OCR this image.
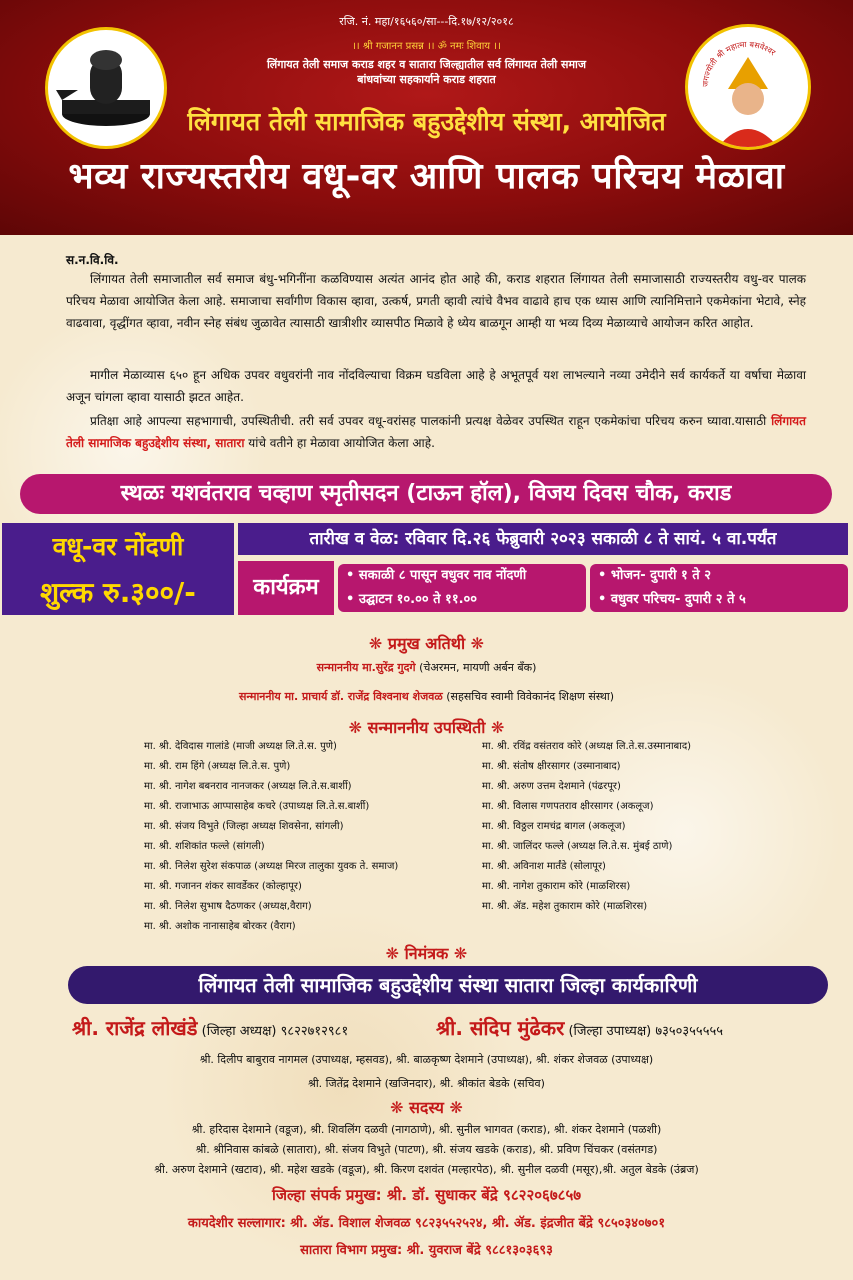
रजि. नं. महा/१६५६०/सा---दि.१७/१२/२०१८
।। श्री गजानन प्रसन्न ।। ॐ नमः शिवाय ।।
लिंगायत तेली समाज कराड शहर व सातारा जिल्ह्यातील सर्व लिंगायत तेली समाज
बांधवांच्या सहकार्याने कराड शहरात	जगज्योती श्री महात्मा बसवेश्वर
लिंगायत तेली सामाजिक बहुउद्देशीय संस्था, आयोजित
भव्य राज्यस्तरीय वधू-वर आणि पालक परिचय मेळावा
स.न.वि.वि.
लिंगायत तेली समाजातील सर्व समाज बंधु-भगिनींना कळविण्यास अत्यंत आनंद होत आहे की, कराड शहरात लिंगायत तेली समाजासाठी राज्यस्तरीय वधु-वर पालक परिचय मेळावा आयोजित केला आहे. समाजाचा सर्वांगीण विकास व्हावा, उत्कर्ष, प्रगती व्हावी त्यांचे वैभव वाढावे हाच एक ध्यास आणि त्यानिमित्ताने एकमेकांना भेटावे, स्नेह वाढवावा, वृद्धींगत व्हावा, नवीन स्नेह संबंध जुळावेत त्यासाठी खात्रीशीर व्यासपीठ मिळावे हे ध्येय बाळगून आम्ही या भव्य दिव्य मेळाव्याचे आयोजन करित आहोत.
मागील मेळाव्यास ६५० हून अधिक उपवर वधुवरांनी नाव नोंदविल्याचा विक्रम घडविला आहे हे अभूतपूर्व यश लाभल्याने नव्या उमेदीने सर्व कार्यकर्ते या वर्षाचा मेळावा अजून चांगला व्हावा यासाठी झटत आहेत.
प्रतिक्षा आहे आपल्या सहभागाची, उपस्थितीची. तरी सर्व उपवर वधू-वरांसह पालकांनी प्रत्यक्ष वेळेवर उपस्थित राहून एकमेकांचा परिचय करुन घ्यावा.यासाठी लिंगायत तेली सामाजिक बहुउद्देशीय संस्था, सातारा यांचे वतीने हा मेळावा आयोजित केला आहे.
स्थळः यशवंतराव चव्हाण स्मृतीसदन (टाऊन हॉल), विजय दिवस चौक, कराड
वधू-वर नोंदणी
शुल्क रु.३००/-
तारीख व वेळ: रविवार दि.२६ फेब्रुवारी २०२३ सकाळी ८ ते सायं. ५ वा.पर्यंत
कार्यक्रम	• सकाळी ८ पासून वधुवर नाव नोंदणी
• उद्घाटन १०.०० ते ११.००
• भोजन- दुपारी १ ते २
• वधुवर परिचय- दुपारी २ ते ५
❋ प्रमुख अतिथी ❋
सन्माननीय मा.सुरेंद्र गुदगे (चेअरमन, मायणी अर्बन बँक)
सन्माननीय मा. प्राचार्य डॉ. राजेंद्र विश्वनाथ शेजवळ (सहसचिव स्वामी विवेकानंद शिक्षण संस्था)
❋ सन्माननीय उपस्थिती ❋
मा. श्री. देविदास गालांडे (माजी अध्यक्ष लि.ते.स. पुणे)
मा. श्री. राम हिंगे (अध्यक्ष लि.ते.स. पुणे)
मा. श्री. नागेश बबनराव नानजकर (अध्यक्ष लि.ते.स.बार्शी)
मा. श्री. राजाभाऊ आप्पासाहेब कचरे (उपाध्यक्ष लि.ते.स.बार्शी)
मा. श्री. संजय विभुते (जिल्हा अध्यक्ष शिवसेना, सांगली)
मा. श्री. शशिकांत फल्ले (सांगली)
मा. श्री. निलेश सुरेश संकपाळ (अध्यक्ष मिरज तालुका युवक ते. समाज)
मा. श्री. गजानन शंकर सावर्डेकर (कोल्हापूर)
मा. श्री. निलेश सुभाष दैठणकर (अध्यक्ष,वैराग)
मा. श्री. अशोक नानासाहेब बोरकर (वैराग)
मा. श्री. रविंद्र वसंतराव कोरे (अध्यक्ष लि.ते.स.उस्मानाबाद)
मा. श्री. संतोष क्षीरसागर (उस्मानाबाद)
मा. श्री. अरुण उत्तम देशमाने (पंढरपूर)
मा. श्री. विलास गणपतराव क्षीरसागर (अकलूज)
मा. श्री. विठ्ठल रामचंद्र बागल (अकलूज)
मा. श्री. जालिंदर फल्ले (अध्यक्ष लि.ते.स. मुंबई ठाणे)
मा. श्री. अविनाश मार्तंडे (सोलापूर)
मा. श्री. नागेश तुकाराम कोरे (माळशिरस)
मा. श्री. ॲड. महेश तुकाराम कोरे (माळशिरस)
❋ निमंत्रक ❋
लिंगायत तेली सामाजिक बहुउद्देशीय संस्था सातारा जिल्हा कार्यकारिणी
श्री. राजेंद्र लोखंडे (जिल्हा अध्यक्ष) ९८२२७१२९८१	श्री. संदिप मुंढेकर (जिल्हा उपाध्यक्ष) ७३५०३५५५५५
श्री. दिलीप बाबुराव नागमल (उपाध्यक्ष, म्हसवड), श्री. बाळकृष्ण देशमाने (उपाध्यक्ष), श्री. शंकर शेजवळ (उपाध्यक्ष)
श्री. जितेंद्र देशमाने (खजिनदार), श्री. श्रीकांत बेडके (सचिव)
❋ सदस्य ❋
श्री. हरिदास देशमाने (वडूज), श्री. शिवलिंग दळवी (नागठाणे), श्री. सुनील भागवत (कराड), श्री. शंकर देशमाने (पळशी)
श्री. श्रीनिवास कांबळे (सातारा), श्री. संजय विभुते (पाटण), श्री. संजय खडके (कराड), श्री. प्रविण चिंचकर (वसंतगड)
श्री. अरुण देशमाने (खटाव), श्री. महेश खडके (वडूज), श्री. किरण दशवंत (मल्हारपेठ), श्री. सुनील दळवी (मसूर),श्री. अतुल बेडके (उंब्रज)
जिल्हा संपर्क प्रमुख: श्री. डॉ. सुधाकर बेंद्रे ९८२२०६७८५७
कायदेशीर सल्लागार: श्री. ॲड. विशाल शेजवळ ९८२३५५२५२४, श्री. ॲड. इंद्रजीत बेंद्रे ९८५०३४०७०१
सातारा विभाग प्रमुख: श्री. युवराज बेंद्रे ९८८१३०३६९३
